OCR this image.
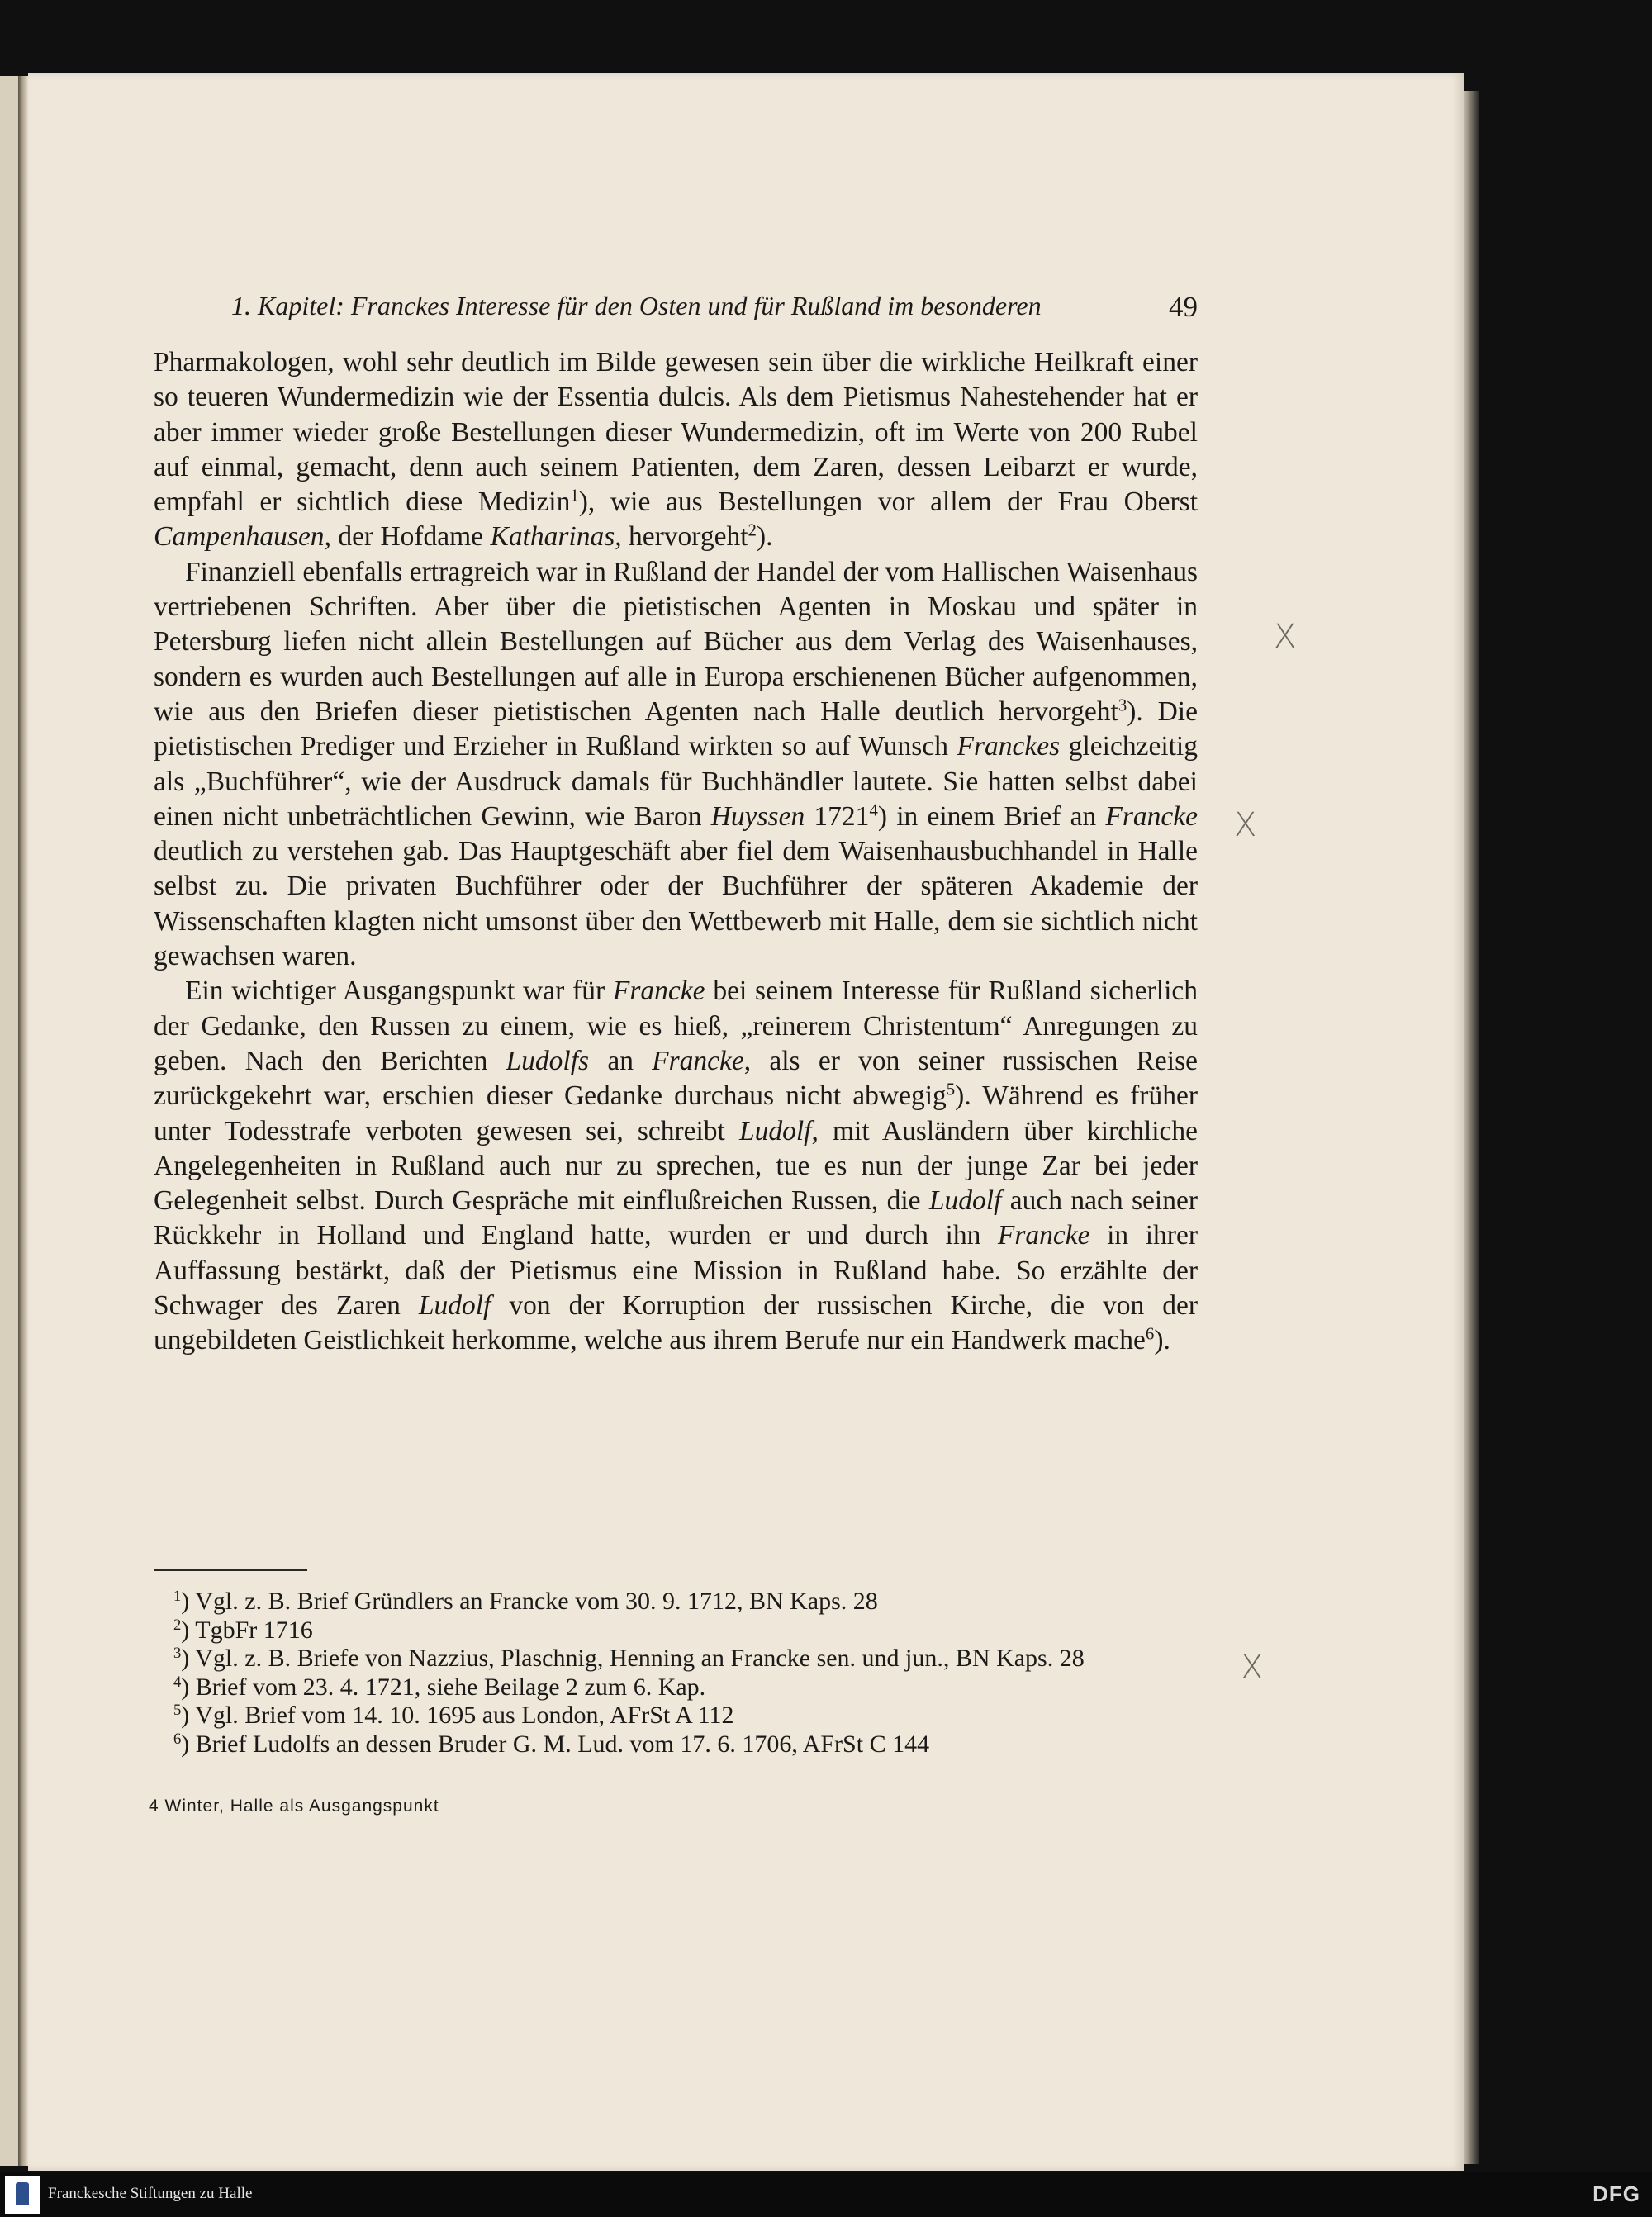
1. Kapitel: Franckes Interesse für den Osten und für Rußland im besonderen	49

Pharmakologen, wohl sehr deutlich im Bilde gewesen sein über die wirkliche Heilkraft einer so teueren Wundermedizin wie der Essentia dulcis. Als dem Pietismus Nahestehender hat er aber immer wieder große Bestellungen dieser Wundermedizin, oft im Werte von 200 Rubel auf einmal, gemacht, denn auch seinem Patienten, dem Zaren, dessen Leibarzt er wurde, empfahl er sichtlich diese Medizin$^1$), wie aus Bestellungen vor allem der Frau Oberst Campenhausen, der Hofdame Katharinas, hervorgeht$^2$).

Finanziell ebenfalls ertragreich war in Rußland der Handel der vom Hallischen Waisenhaus vertriebenen Schriften. Aber über die pietistischen Agenten in Moskau und später in Petersburg liefen nicht allein Bestellungen auf Bücher aus dem Verlag des Waisenhauses, sondern es wurden auch Bestellungen auf alle in Europa erschienenen Bücher aufgenommen, wie aus den Briefen dieser pietistischen Agenten nach Halle deutlich hervorgeht$^3$). Die pietistischen Prediger und Erzieher in Rußland wirkten so auf Wunsch Franckes gleichzeitig als „Buchführer“, wie der Ausdruck damals für Buchhändler lautete. Sie hatten selbst dabei einen nicht unbeträchtlichen Gewinn, wie Baron Huyssen 1721$^4$) in einem Brief an Francke deutlich zu verstehen gab. Das Hauptgeschäft aber fiel dem Waisenhausbuchhandel in Halle selbst zu. Die privaten Buchführer oder der Buchführer der späteren Akademie der Wissenschaften klagten nicht umsonst über den Wettbewerb mit Halle, dem sie sichtlich nicht gewachsen waren.

Ein wichtiger Ausgangspunkt war für Francke bei seinem Interesse für Rußland sicherlich der Gedanke, den Russen zu einem, wie es hieß, „reinerem Christentum“ Anregungen zu geben. Nach den Berichten Ludolfs an Francke, als er von seiner russischen Reise zurückgekehrt war, erschien dieser Gedanke durchaus nicht abwegig$^5$). Während es früher unter Todesstrafe verboten gewesen sei, schreibt Ludolf, mit Ausländern über kirchliche Angelegenheiten in Rußland auch nur zu sprechen, tue es nun der junge Zar bei jeder Gelegenheit selbst. Durch Gespräche mit einflußreichen Russen, die Ludolf auch nach seiner Rückkehr in Holland und England hatte, wurden er und durch ihn Francke in ihrer Auffassung bestärkt, daß der Pietismus eine Mission in Rußland habe. So erzählte der Schwager des Zaren Ludolf von der Korruption der russischen Kirche, die von der ungebildeten Geistlichkeit herkomme, welche aus ihrem Berufe nur ein Handwerk mache$^6$).

$^1$) Vgl. z. B. Brief Gründlers an Francke vom 30. 9. 1712, BN Kaps. 28

$^2$) TgbFr 1716

$^3$) Vgl. z. B. Briefe von Nazzius, Plaschnig, Henning an Francke sen. und jun., BN Kaps. 28

$^4$) Brief vom 23. 4. 1721, siehe Beilage 2 zum 6. Kap.

$^5$) Vgl. Brief vom 14. 10. 1695 aus London, AFrSt A 112

$^6$) Brief Ludolfs an dessen Bruder G. M. Lud. vom 17. 6. 1706, AFrSt C 144

4 Winter, Halle als Ausgangspunkt
X
X
X
Franckesche Stiftungen zu Halle	DFG
